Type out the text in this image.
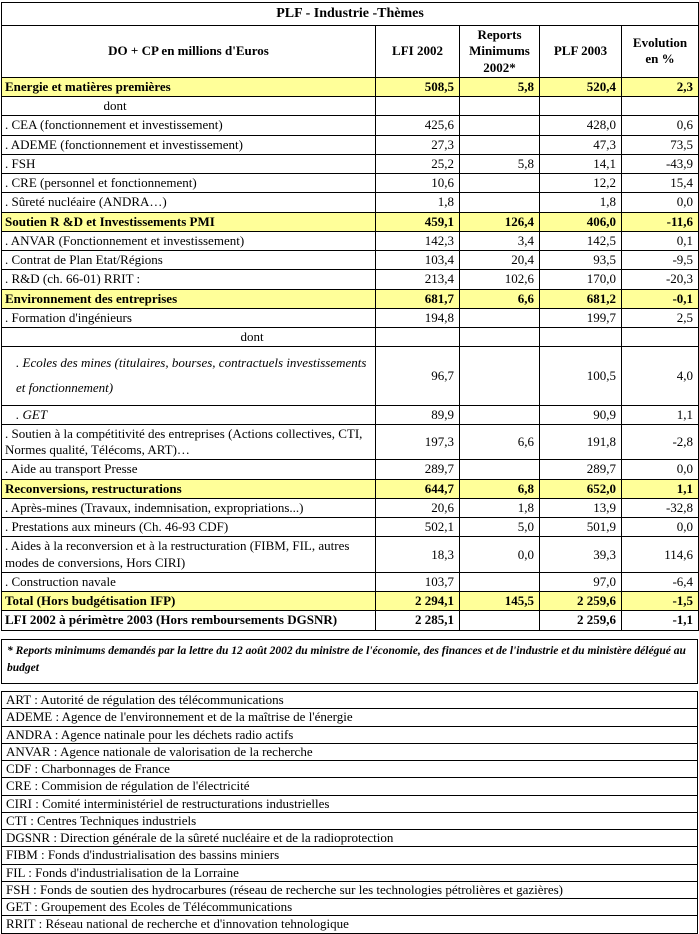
PLF - Industrie -Thèmes				
DO + CP en millions d'Euros	LFI 2002	Reports Minimums 2002*	PLF 2003	Evolution en %
Energie et matières premières	508,5	5,8	520,4	2,3
dont				
. CEA (fonctionnement et investissement)	425,6		428,0	0,6
. ADEME (fonctionnement et investissement)	27,3		47,3	73,5
. FSH	25,2	5,8	14,1	-43,9
. CRE (personnel et fonctionnement)	10,6		12,2	15,4
. Sûreté nucléaire (ANDRA…)	1,8		1,8	0,0
Soutien R &D et Investissements PMI	459,1	126,4	406,0	-11,6
. ANVAR (Fonctionnement et investissement)	142,3	3,4	142,5	0,1
. Contrat de Plan Etat/Régions	103,4	20,4	93,5	-9,5
. R&D (ch. 66-01) RRIT :	213,4	102,6	170,0	-20,3
Environnement des entreprises	681,7	6,6	681,2	-0,1
. Formation d'ingénieurs	194,8		199,7	2,5
dont				
. Ecoles des mines (titulaires, bourses, contractuels investissements et fonctionnement)	96,7		100,5	4,0
. GET	89,9		90,9	1,1
. Soutien à la compétitivité des entreprises (Actions collectives, CTI, Normes qualité, Télécoms, ART)…	197,3	6,6	191,8	-2,8
. Aide au transport Presse	289,7		289,7	0,0
Reconversions, restructurations	644,7	6,8	652,0	1,1
. Après-mines (Travaux, indemnisation, expropriations...)	20,6	1,8	13,9	-32,8
. Prestations aux mineurs (Ch. 46-93 CDF)	502,1	5,0	501,9	0,0
. Aides à la reconversion et à la restructuration (FIBM, FIL, autres modes de conversions, Hors CIRI)	18,3	0,0	39,3	114,6
. Construction navale	103,7		97,0	-6,4
Total (Hors budgétisation IFP)	2 294,1	145,5	2 259,6	-1,5
LFI 2002 à périmètre 2003 (Hors remboursements DGSNR)	2 285,1		2 259,6	-1,1
* Reports minimums demandés par la lettre du 12 août 2002 du ministre de l'économie, des finances et de l'industrie et du ministère délégué au budget
ART : Autorité de régulation des télécommunications
ADEME : Agence de l'environnement et de la maîtrise de l'énergie
ANDRA : Agence natinale pour les déchets radio actifs
ANVAR : Agence nationale de valorisation de la recherche
CDF : Charbonnages de France
CRE : Commision de régulation de l'électricité
CIRI : Comité interministériel de restructurations industrielles
CTI : Centres Techniques industriels
DGSNR : Direction générale de la sûreté nucléaire et de la radioprotection
FIBM : Fonds d'industrialisation des bassins miniers
FIL : Fonds d'industrialisation de la Lorraine
FSH : Fonds de soutien des hydrocarbures (réseau de recherche sur les technologies pétrolières et gazières)
GET : Groupement des Ecoles de Télécommunications
RRIT : Réseau national de recherche et d'innovation tehnologique
